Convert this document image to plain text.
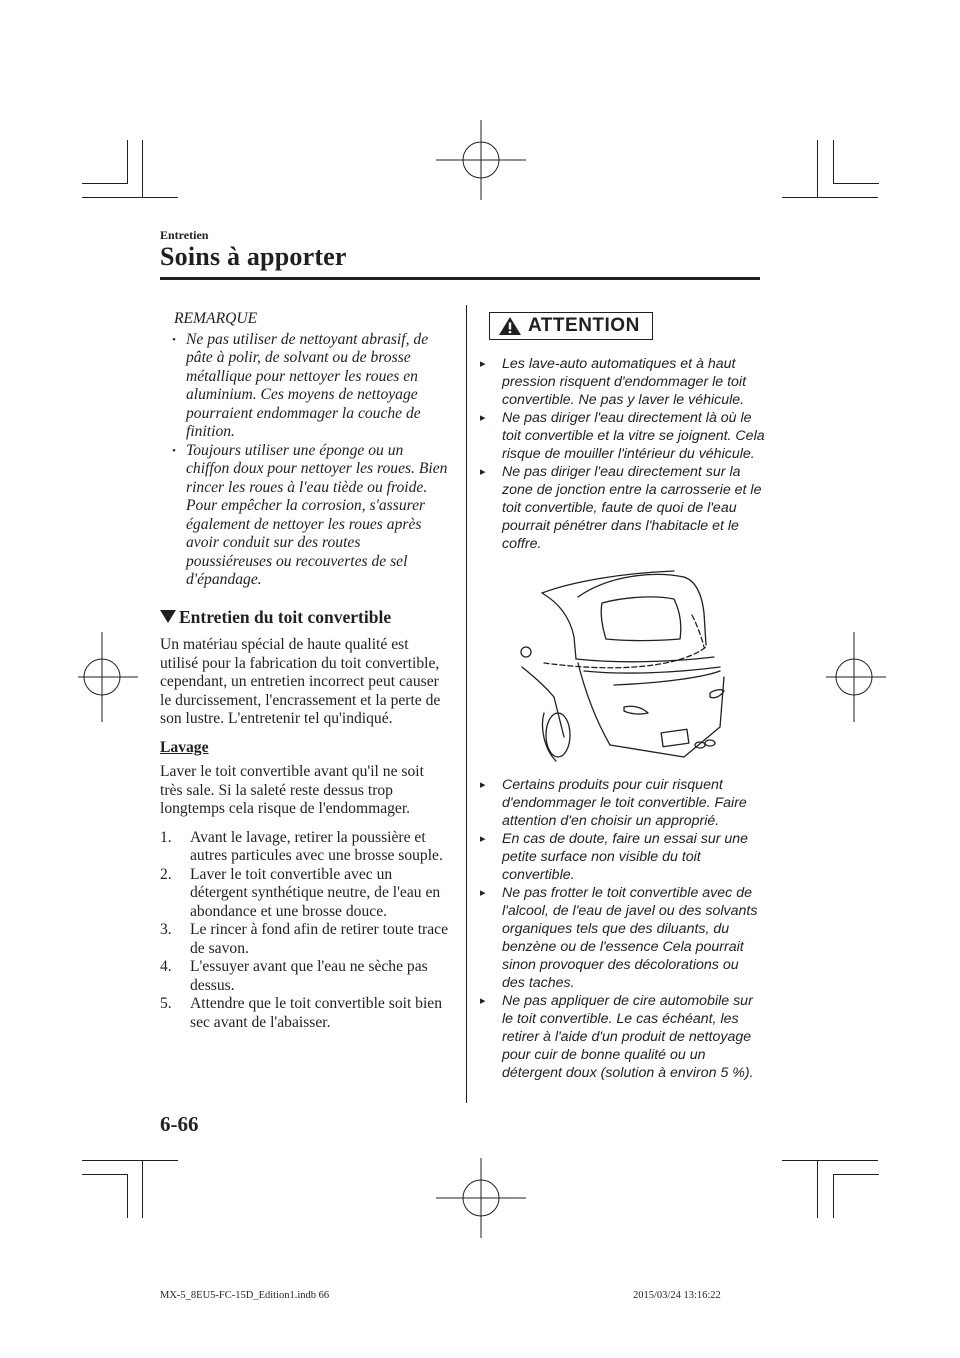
Entretien
Soins à apporter
REMARQUE
• Ne pas utiliser de nettoyant abrasif, de pâte à polir, de solvant ou de brosse métallique pour nettoyer les roues en aluminium. Ces moyens de nettoyage pourraient endommager la couche de finition.
• Toujours utiliser une éponge ou un chiffon doux pour nettoyer les roues. Bien rincer les roues à l'eau tiède ou froide. Pour empêcher la corrosion, s'assurer également de nettoyer les roues après avoir conduit sur des routes poussiéreuses ou recouvertes de sel d'épandage.
Entretien du toit convertible

Un matériau spécial de haute qualité est utilisé pour la fabrication du toit convertible, cependant, un entretien incorrect peut causer le durcissement, l'encrassement et la perte de son lustre. L'entretenir tel qu'indiqué.

Lavage

Laver le toit convertible avant qu'il ne soit très sale. Si la saleté reste dessus trop longtemps cela risque de l'endommager.

1. Avant le lavage, retirer la poussière et autres particules avec une brosse souple.
2. Laver le toit convertible avec un détergent synthétique neutre, de l'eau en abondance et une brosse douce.
3. Le rincer à fond afin de retirer toute trace de savon.
4. L'essuyer avant que l'eau ne sèche pas dessus.
5. Attendre que le toit convertible soit bien sec avant de l'abaisser.
ATTENTION
▸ Les lave-auto automatiques et à haut pression risquent d'endommager le toit convertible. Ne pas y laver le véhicule.
▸ Ne pas diriger l'eau directement là où le toit convertible et la vitre se joignent. Cela risque de mouiller l'intérieur du véhicule.
▸ Ne pas diriger l'eau directement sur la zone de jonction entre la carrosserie et le toit convertible, faute de quoi de l'eau pourrait pénétrer dans l'habitacle et le coffre.
▸ Certains produits pour cuir risquent d'endommager le toit convertible. Faire attention d'en choisir un approprié.
▸ En cas de doute, faire un essai sur une petite surface non visible du toit convertible.
▸ Ne pas frotter le toit convertible avec de l'alcool, de l'eau de javel ou des solvants organiques tels que des diluants, du benzène ou de l'essence Cela pourrait sinon provoquer des décolorations ou des taches.
▸ Ne pas appliquer de cire automobile sur le toit convertible. Le cas échéant, les retirer à l'aide d'un produit de nettoyage pour cuir de bonne qualité ou un détergent doux (solution à environ 5 %).
6-66
MX-5_8EU5-FC-15D_Edition1.indb 66	2015/03/24 13:16:22
